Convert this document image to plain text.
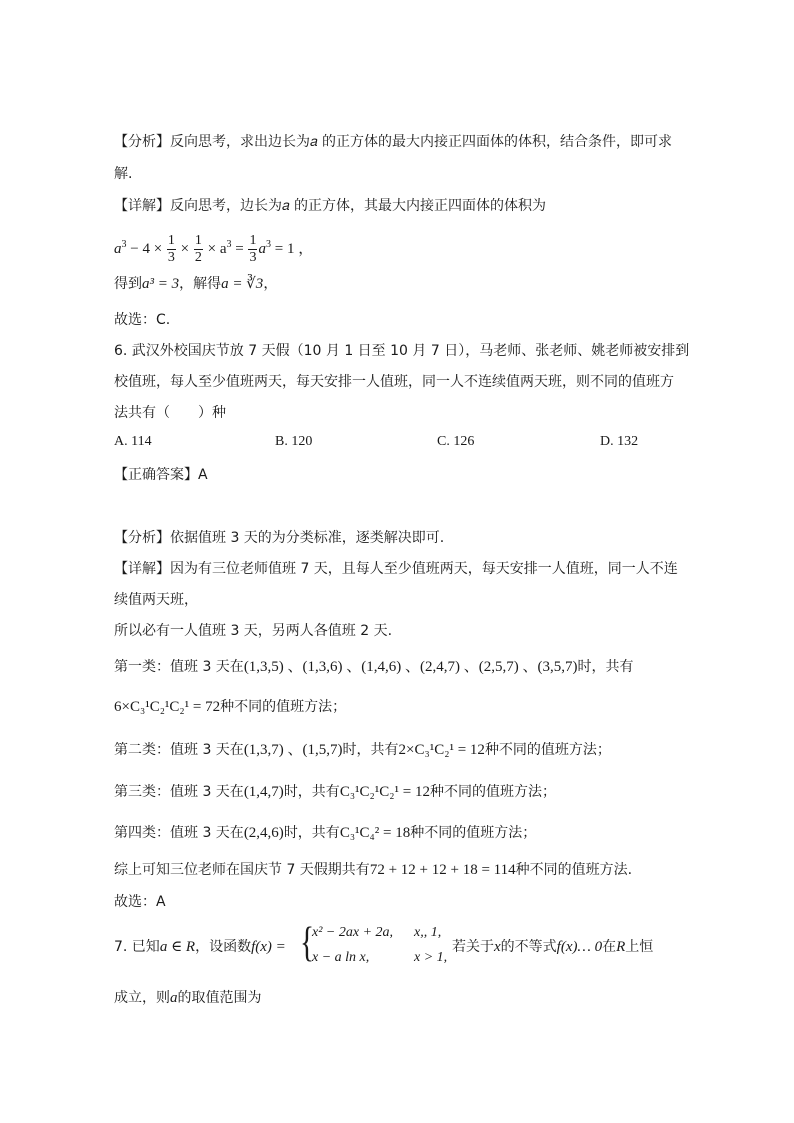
【分析】反向思考，求出边长为𝑎 的正方体的最大内接正四面体的体积，结合条件，即可求
解.
【详解】反向思考，边长为𝑎 的正方体，其最大内接正四面体的体积为
$a^3 - 4 \times \frac{1}{3} \times \frac{1}{2} \times a^3 = \frac{1}{3} a^3 = 1$ ，
得到a³ = 3，解得a = ∛3，
故选：C.
6. 武汉外校国庆节放 7 天假（10 月 1 日至 10 月 7 日），马老师、张老师、姚老师被安排到
校值班，每人至少值班两天，每天安排一人值班，同一人不连续值两天班，则不同的值班方
法共有（　　）种
A. 114	B. 120	C. 126	D. 132
【正确答案】A
【分析】依据值班 3 天的为分类标准，逐类解决即可.
【详解】因为有三位老师值班 7 天，且每人至少值班两天，每天安排一人值班，同一人不连
续值两天班，
所以必有一人值班 3 天，另两人各值班 2 天.
第一类：值班 3 天在(1,3,5) 、(1,3,6) 、(1,4,6) 、(2,4,7) 、(2,5,7) 、(3,5,7)时，共有
6×C₃¹C₂¹C₂¹ = 72种不同的值班方法；
第二类：值班 3 天在(1,3,7) 、(1,5,7)时，共有2×C₃¹C₂¹ = 12种不同的值班方法；
第三类：值班 3 天在(1,4,7)时，共有C₃¹C₂¹C₂¹ = 12种不同的值班方法；
第四类：值班 3 天在(2,4,6)时，共有C₃¹C₄² = 18种不同的值班方法；
综上可知三位老师在国庆节 7 天假期共有72 + 12 + 12 + 18 = 114种不同的值班方法.
故选：A
7. 已知a ∈ R，设函数f(x) = {
x² − 2ax + 2a, x,, 1,
x − a ln x,	x > 1,
若关于x的不等式f(x)… 0在R上恒
成立，则a的取值范围为
